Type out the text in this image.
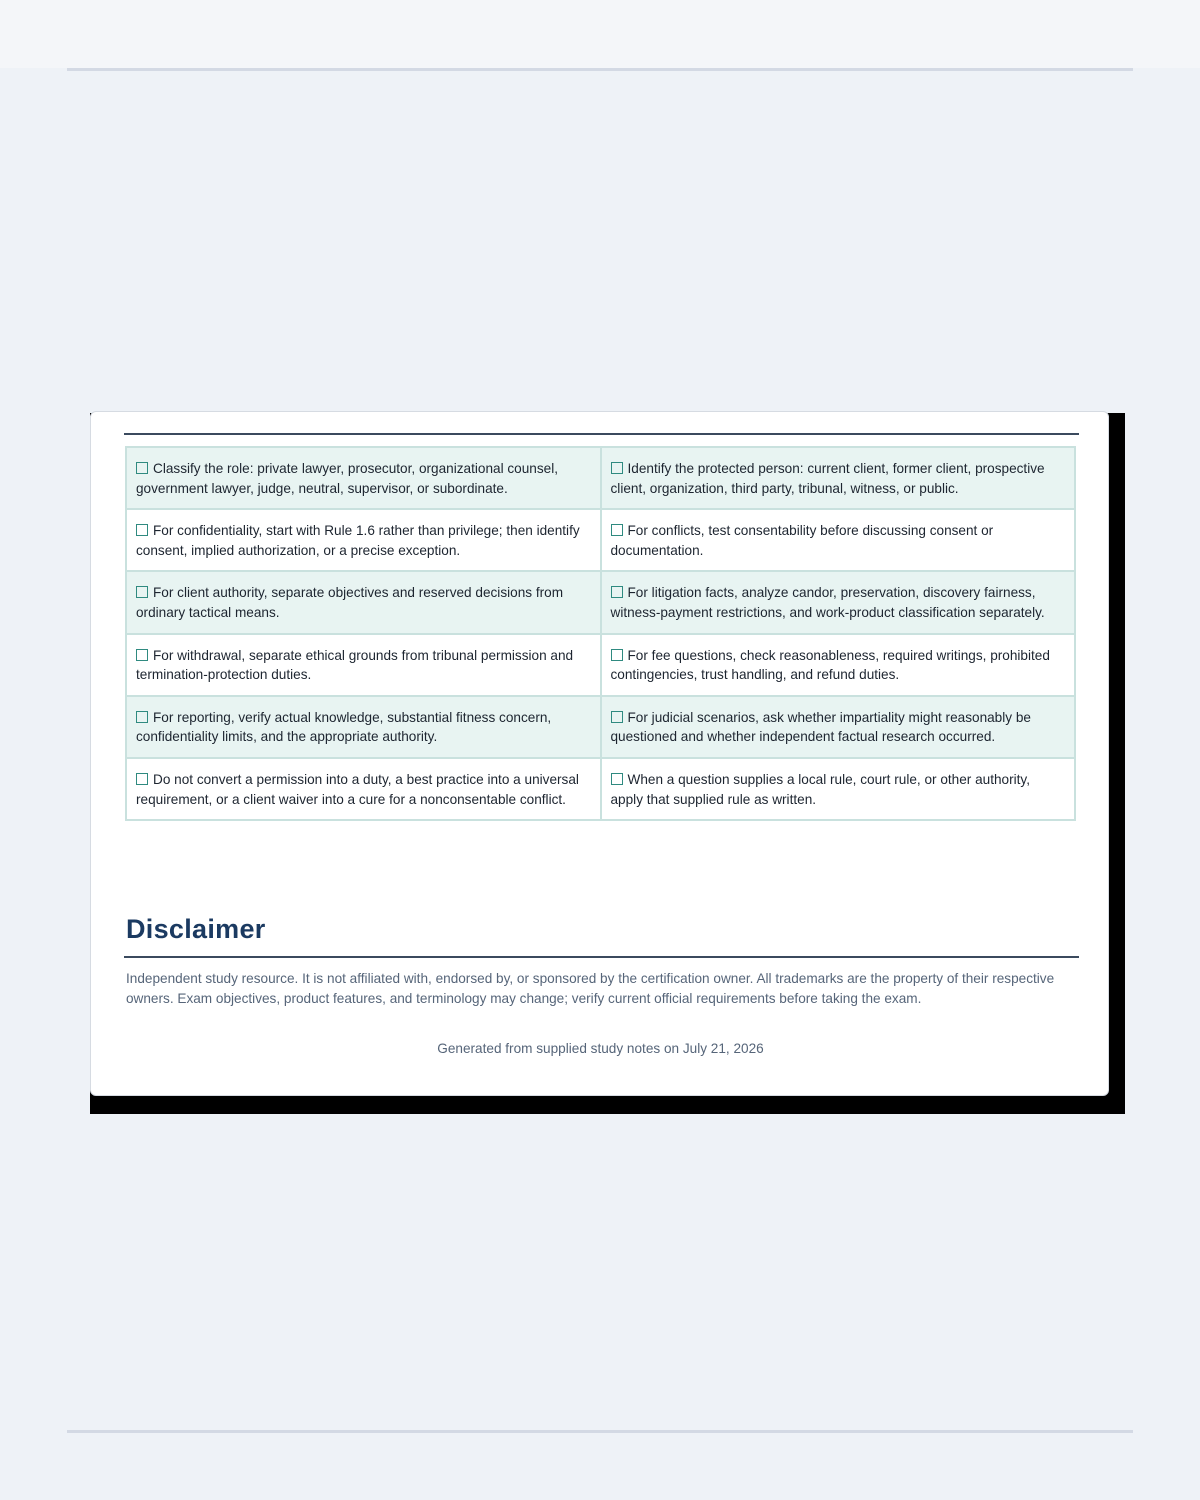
Classify the role: private lawyer, prosecutor, organizational counsel, government lawyer, judge, neutral, supervisor, or subordinate.	Identify the protected person: current client, former client, prospective client, organization, third party, tribunal, witness, or public.
For confidentiality, start with Rule 1.6 rather than privilege; then identify consent, implied authorization, or a precise exception.	For conflicts, test consentability before discussing consent or documentation.
For client authority, separate objectives and reserved decisions from ordinary tactical means.	For litigation facts, analyze candor, preservation, discovery fairness, witness-payment restrictions, and work-product classification separately.
For withdrawal, separate ethical grounds from tribunal permission and termination-protection duties.	For fee questions, check reasonableness, required writings, prohibited contingencies, trust handling, and refund duties.
For reporting, verify actual knowledge, substantial fitness concern, confidentiality limits, and the appropriate authority.	For judicial scenarios, ask whether impartiality might reasonably be questioned and whether independent factual research occurred.
Do not convert a permission into a duty, a best practice into a universal requirement, or a client waiver into a cure for a nonconsentable conflict.	When a question supplies a local rule, court rule, or other authority, apply that supplied rule as written.
Disclaimer

Independent study resource. It is not affiliated with, endorsed by, or sponsored by the certification owner. All trademarks are the property of their respective owners. Exam objectives, product features, and terminology may change; verify current official requirements before taking the exam.

Generated from supplied study notes on July 21, 2026
